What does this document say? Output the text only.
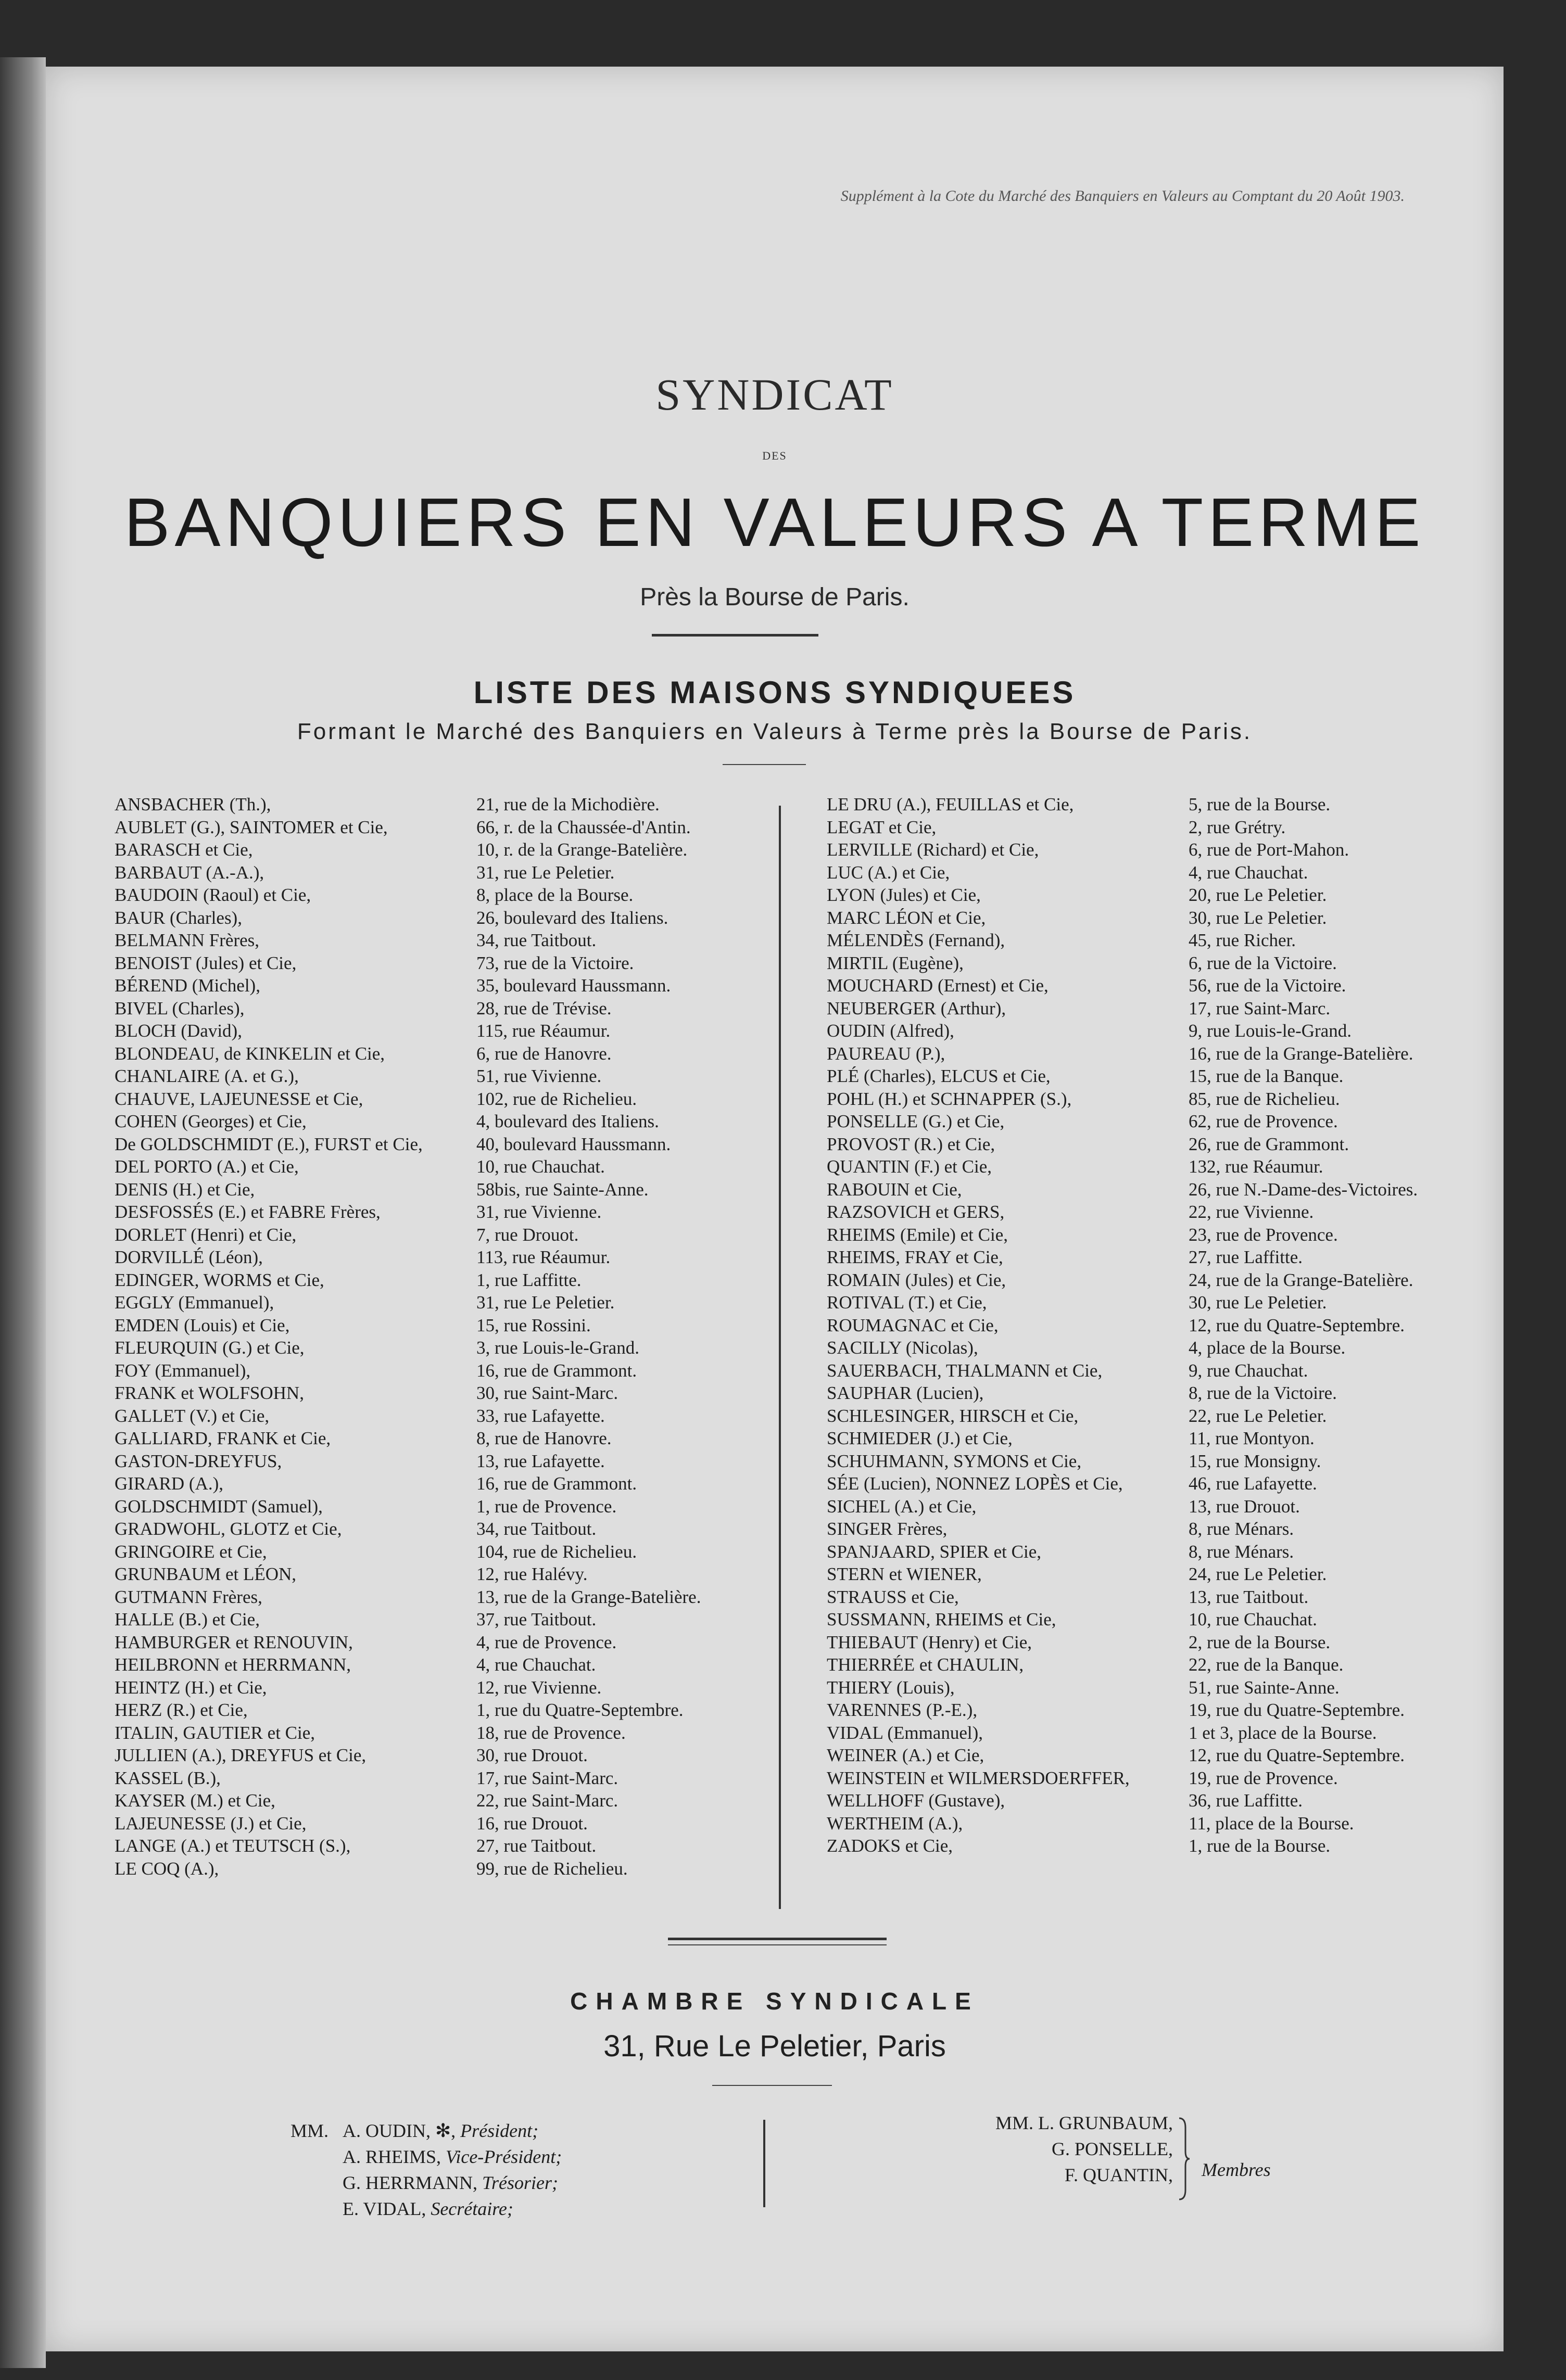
Supplément à la Cote du Marché des Banquiers en Valeurs au Comptant du 20 Août 1903.
SYNDICAT
DES
BANQUIERS EN VALEURS A TERME
Près la Bourse de Paris.
LISTE DES MAISONS SYNDIQUEES
Formant le Marché des Banquiers en Valeurs à Terme près la Bourse de Paris.
ANSBACHER (Th.),	21, rue de la Michodière.
AUBLET (G.), SAINTOMER et Cie,	66, r. de la Chaussée-d'Antin.
BARASCH et Cie,	10, r. de la Grange-Batelière.
BARBAUT (A.-A.),	31, rue Le Peletier.
BAUDOIN (Raoul) et Cie,	8, place de la Bourse.
BAUR (Charles),	26, boulevard des Italiens.
BELMANN Frères,	34, rue Taitbout.
BENOIST (Jules) et Cie,	73, rue de la Victoire.
BÉREND (Michel),	35, boulevard Haussmann.
BIVEL (Charles),	28, rue de Trévise.
BLOCH (David),	115, rue Réaumur.
BLONDEAU, de KINKELIN et Cie,	6, rue de Hanovre.
CHANLAIRE (A. et G.),	51, rue Vivienne.
CHAUVE, LAJEUNESSE et Cie,	102, rue de Richelieu.
COHEN (Georges) et Cie,	4, boulevard des Italiens.
De GOLDSCHMIDT (E.), FURST et Cie,	40, boulevard Haussmann.
DEL PORTO (A.) et Cie,	10, rue Chauchat.
DENIS (H.) et Cie,	58bis, rue Sainte-Anne.
DESFOSSÉS (E.) et FABRE Frères,	31, rue Vivienne.
DORLET (Henri) et Cie,	7, rue Drouot.
DORVILLÉ (Léon),	113, rue Réaumur.
EDINGER, WORMS et Cie,	1, rue Laffitte.
EGGLY (Emmanuel),	31, rue Le Peletier.
EMDEN (Louis) et Cie,	15, rue Rossini.
FLEURQUIN (G.) et Cie,	3, rue Louis-le-Grand.
FOY (Emmanuel),	16, rue de Grammont.
FRANK et WOLFSOHN,	30, rue Saint-Marc.
GALLET (V.) et Cie,	33, rue Lafayette.
GALLIARD, FRANK et Cie,	8, rue de Hanovre.
GASTON-DREYFUS,	13, rue Lafayette.
GIRARD (A.),	16, rue de Grammont.
GOLDSCHMIDT (Samuel),	1, rue de Provence.
GRADWOHL, GLOTZ et Cie,	34, rue Taitbout.
GRINGOIRE et Cie,	104, rue de Richelieu.
GRUNBAUM et LÉON,	12, rue Halévy.
GUTMANN Frères,	13, rue de la Grange-Batelière.
HALLE (B.) et Cie,	37, rue Taitbout.
HAMBURGER et RENOUVIN,	4, rue de Provence.
HEILBRONN et HERRMANN,	4, rue Chauchat.
HEINTZ (H.) et Cie,	12, rue Vivienne.
HERZ (R.) et Cie,	1, rue du Quatre-Septembre.
ITALIN, GAUTIER et Cie,	18, rue de Provence.
JULLIEN (A.), DREYFUS et Cie,	30, rue Drouot.
KASSEL (B.),	17, rue Saint-Marc.
KAYSER (M.) et Cie,	22, rue Saint-Marc.
LAJEUNESSE (J.) et Cie,	16, rue Drouot.
LANGE (A.) et TEUTSCH (S.),	27, rue Taitbout.
LE COQ (A.),	99, rue de Richelieu.
LE DRU (A.), FEUILLAS et Cie,	5, rue de la Bourse.
LEGAT et Cie,	2, rue Grétry.
LERVILLE (Richard) et Cie,	6, rue de Port-Mahon.
LUC (A.) et Cie,	4, rue Chauchat.
LYON (Jules) et Cie,	20, rue Le Peletier.
MARC LÉON et Cie,	30, rue Le Peletier.
MÉLENDÈS (Fernand),	45, rue Richer.
MIRTIL (Eugène),	6, rue de la Victoire.
MOUCHARD (Ernest) et Cie,	56, rue de la Victoire.
NEUBERGER (Arthur),	17, rue Saint-Marc.
OUDIN (Alfred),	9, rue Louis-le-Grand.
PAUREAU (P.),	16, rue de la Grange-Batelière.
PLÉ (Charles), ELCUS et Cie,	15, rue de la Banque.
POHL (H.) et SCHNAPPER (S.),	85, rue de Richelieu.
PONSELLE (G.) et Cie,	62, rue de Provence.
PROVOST (R.) et Cie,	26, rue de Grammont.
QUANTIN (F.) et Cie,	132, rue Réaumur.
RABOUIN et Cie,	26, rue N.-Dame-des-Victoires.
RAZSOVICH et GERS,	22, rue Vivienne.
RHEIMS (Emile) et Cie,	23, rue de Provence.
RHEIMS, FRAY et Cie,	27, rue Laffitte.
ROMAIN (Jules) et Cie,	24, rue de la Grange-Batelière.
ROTIVAL (T.) et Cie,	30, rue Le Peletier.
ROUMAGNAC et Cie,	12, rue du Quatre-Septembre.
SACILLY (Nicolas),	4, place de la Bourse.
SAUERBACH, THALMANN et Cie,	9, rue Chauchat.
SAUPHAR (Lucien),	8, rue de la Victoire.
SCHLESINGER, HIRSCH et Cie,	22, rue Le Peletier.
SCHMIEDER (J.) et Cie,	11, rue Montyon.
SCHUHMANN, SYMONS et Cie,	15, rue Monsigny.
SÉE (Lucien), NONNEZ LOPÈS et Cie,	46, rue Lafayette.
SICHEL (A.) et Cie,	13, rue Drouot.
SINGER Frères,	8, rue Ménars.
SPANJAARD, SPIER et Cie,	8, rue Ménars.
STERN et WIENER,	24, rue Le Peletier.
STRAUSS et Cie,	13, rue Taitbout.
SUSSMANN, RHEIMS et Cie,	10, rue Chauchat.
THIEBAUT (Henry) et Cie,	2, rue de la Bourse.
THIERRÉE et CHAULIN,	22, rue de la Banque.
THIERY (Louis),	51, rue Sainte-Anne.
VARENNES (P.-E.),	19, rue du Quatre-Septembre.
VIDAL (Emmanuel),	1 et 3, place de la Bourse.
WEINER (A.) et Cie,	12, rue du Quatre-Septembre.
WEINSTEIN et WILMERSDOERFFER,	19, rue de Provence.
WELLHOFF (Gustave),	36, rue Laffitte.
WERTHEIM (A.),	11, place de la Bourse.
ZADOKS et Cie,	1, rue de la Bourse.
CHAMBRE SYNDICALE
31, Rue Le Peletier, Paris
MM. A. OUDIN, ✻, Président;
A. RHEIMS, Vice-Président;
G. HERRMANN, Trésorier;
E. VIDAL, Secrétaire;
MM. L. GRUNBAUM,
G. PONSELLE,
F. QUANTIN, Membres
